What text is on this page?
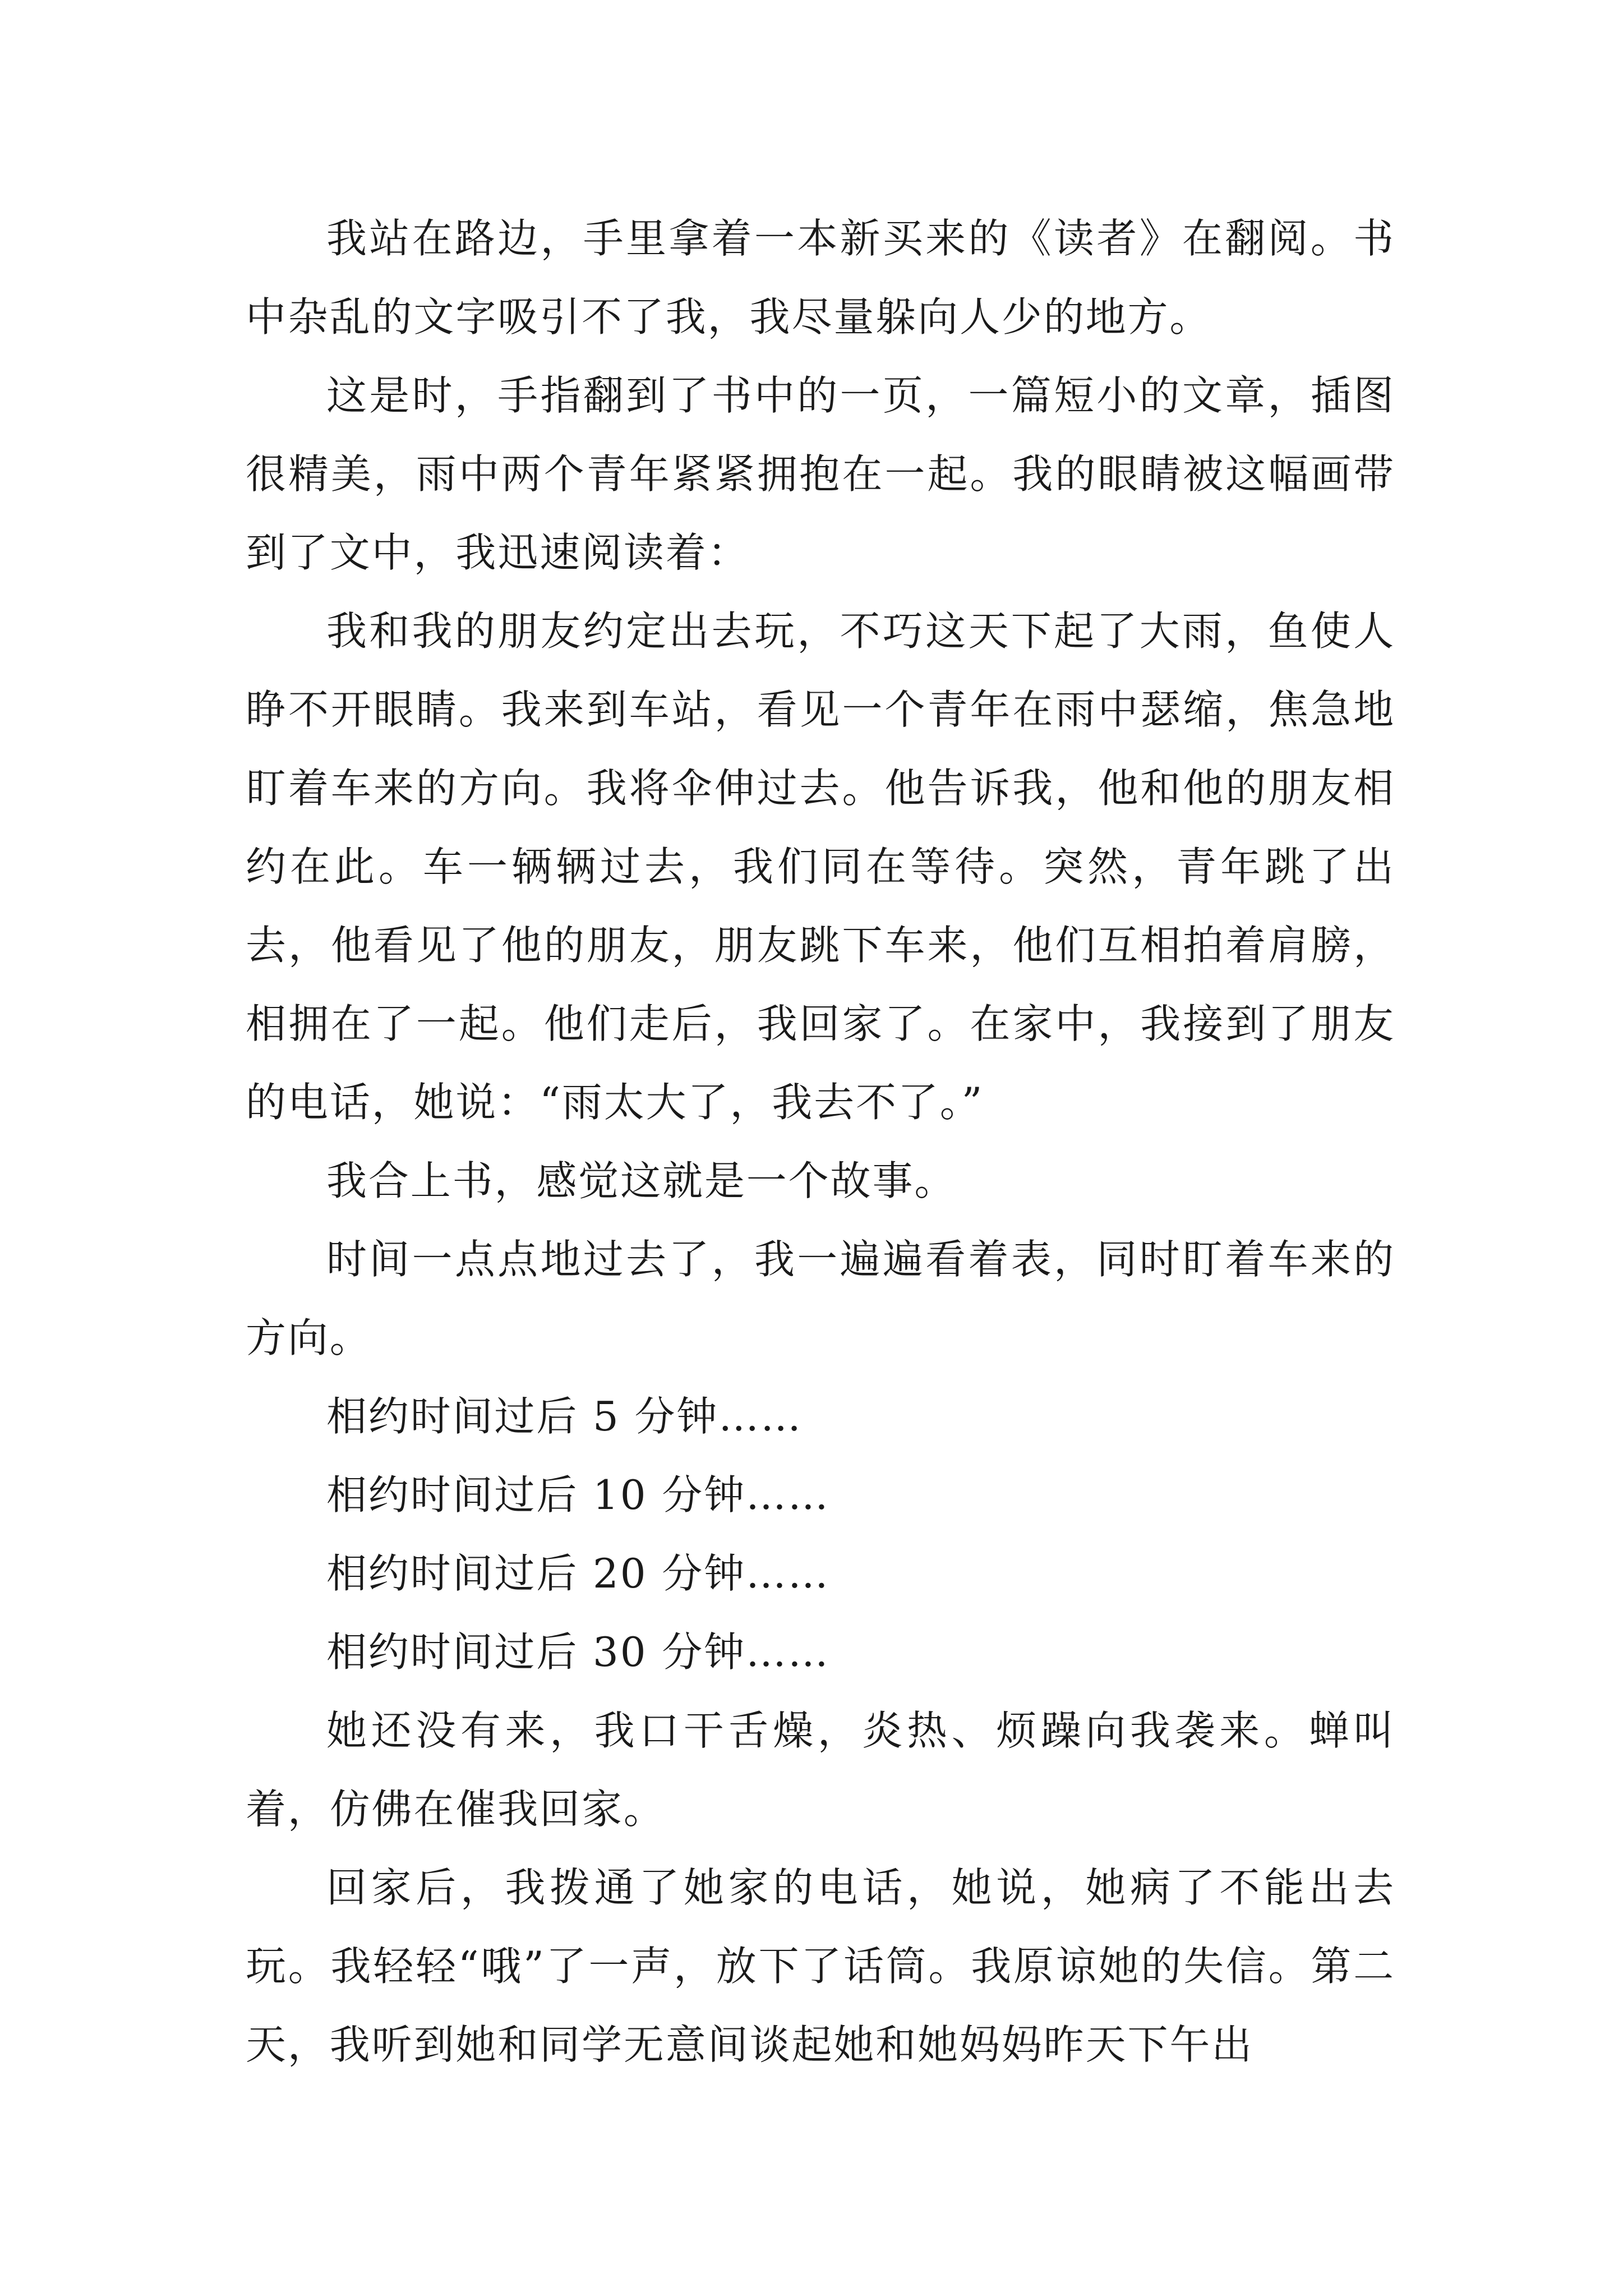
我站在路边，手里拿着一本新买来的《读者》在翻阅。书中杂乱的文字吸引不了我，我尽量躲向人少的地方。

这是时，手指翻到了书中的一页，一篇短小的文章，插图很精美，雨中两个青年紧紧拥抱在一起。我的眼睛被这幅画带到了文中，我迅速阅读着：

我和我的朋友约定出去玩，不巧这天下起了大雨，鱼使人睁不开眼睛。我来到车站，看见一个青年在雨中瑟缩，焦急地盯着车来的方向。我将伞伸过去。他告诉我，他和他的朋友相约在此。车一辆辆过去，我们同在等待。突然，青年跳了出去，他看见了他的朋友，朋友跳下车来，他们互相拍着肩膀，相拥在了一起。他们走后，我回家了。在家中，我接到了朋友的电话，她说：“雨太大了，我去不了。”

我合上书，感觉这就是一个故事。

时间一点点地过去了，我一遍遍看着表，同时盯着车来的方向。

相约时间过后 5 分钟……

相约时间过后 10 分钟……

相约时间过后 20 分钟……

相约时间过后 30 分钟……

她还没有来，我口干舌燥，炎热、烦躁向我袭来。蝉叫着，仿佛在催我回家。

回家后，我拨通了她家的电话，她说，她病了不能出去玩。我轻轻“哦”了一声，放下了话筒。我原谅她的失信。第二天，我听到她和同学无意间谈起她和她妈妈昨天下午出
